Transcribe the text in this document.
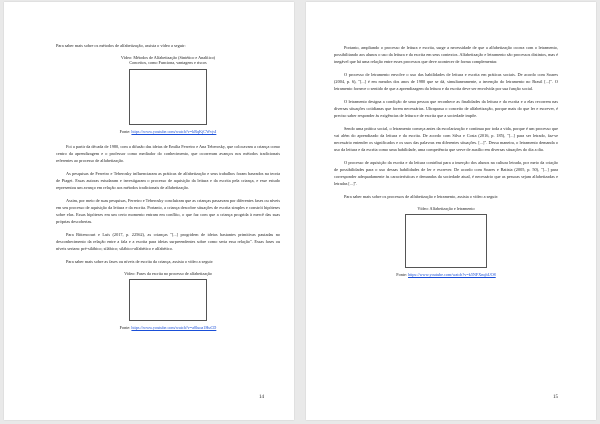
Para saber mais sobre os métodos de alfabetização, assista o vídeo a seguir:

Vídeo: Métodos de Alfabetização (Sintético e Analítico)
Conceitos, como Funciona, vantagens e riscos
Fonte: https://www.youtube.com/watch?v=kRqKjCWvjsI

Foi a partir da década de 1980, com a difusão das ideias de Emilia Ferreiro e Ana Teberosky, que colocavam a criança como centro da aprendizagem e o professor como mediador do conhecimento, que ocorreram avanços nos métodos tradicionais referentes ao processo de alfabetização.

As pesquisas de Ferreiro e Teberosky influenciaram as práticas de alfabetização e seus trabalhos foram baseados na teoria de Piaget. Essas autoras estudaram e investigaram o processo de aquisição da leitura e da escrita pela criança, e esse estudo representou um avanço em relação aos métodos tradicionais de alfabetização.

Assim, por meio de suas pesquisas, Ferreiro e Teberosky concluíram que as crianças passavam por diferentes fases ou níveis em seu processo de aquisição da leitura e da escrita. Portanto, a criança descobre situações de escrita simples e constrói hipóteses sobre elas. Essas hipóteses em um certo momento entram em conflito, o que faz com que a criança progrida à mercê das suas próprias descobertas.

Para Bittencourt e Luís (2017, p. 22562), as crianças "[...] progridem de ideias bastantes primitivas pautadas no desconhecimento da relação entre a fala e a escrita para ideias surpreendentes sobre como seria essa relação". Essas fases ou níveis seriam: pré-silábico; silábico; silábico-alfabético e alfabético.

Para saber mais sobre as fases ou níveis de escrita da criança, assista o vídeo a seguir:

Vídeo: Fases da escrita no processo de alfabetização
Fonte: https://www.youtube.com/watch?v=a0luoa1HuCD
14

Portanto, ampliando o processo de leitura e escrita, surge a necessidade de que a alfabetização ocorra com o letramento, possibilitando aos alunos o uso da leitura e da escrita em seus contextos. Alfabetização e letramento são processos distintos, mas é inegável que há uma relação entre esses processos que deve acontecer de forma complementar.

O processo de letramento envolve o uso das habilidades de leitura e escrita em práticas sociais. De acordo com Soares (2004, p. 6), "[...] é em meados dos anos de 1980 que se dá, simultaneamente, a invenção do letramento no Brasil [...]". O letramento fornece o sentido de que a aprendizagem da leitura e da escrita deve ser envolvida por sua função social.

O letramento designa a condição de uma pessoa que reconhece as finalidades da leitura e da escrita e a elas recorrem nas diversas situações cotidianas que forem necessárias. Ultrapassa o conceito de alfabetização, porque mais do que ler e escrever, é preciso saber responder às exigências de leitura e de escrita que a sociedade impõe.

Sendo uma prática social, o letramento começa antes da escolarização e continua por toda a vida, porque é um processo que vai além do aprendizado da leitura e da escrita. De acordo com Silva e Costa (2016, p. 185), "[...] para ser letrado, faz-se necessário entender os significados e os usos das palavras em diferentes situações. [...]". Dessa maneira, o letramento demanda o uso da leitura e da escrita como uma habilidade, uma competência que serve de auxílio em diversas situações do dia a dia.

O processo de aquisição da escrita e da leitura contribui para a inserção dos alunos na cultura letrada, por meio da criação de possibilidades para o uso dessas habilidades de ler e escrever. De acordo com Soares e Batista (2005, p. 50), "[...] para corresponder adequadamente às características e demandas da sociedade atual, é necessário que as pessoas sejam alfabetizadas e letradas [...]".

Para saber mais sobre os processos de alfabetização e letramento, assista o vídeo a seguir:

Vídeo: Alfabetização e letramento
Fonte: https://www.youtube.com/watch?v=k5NFXnqhUO8
15
